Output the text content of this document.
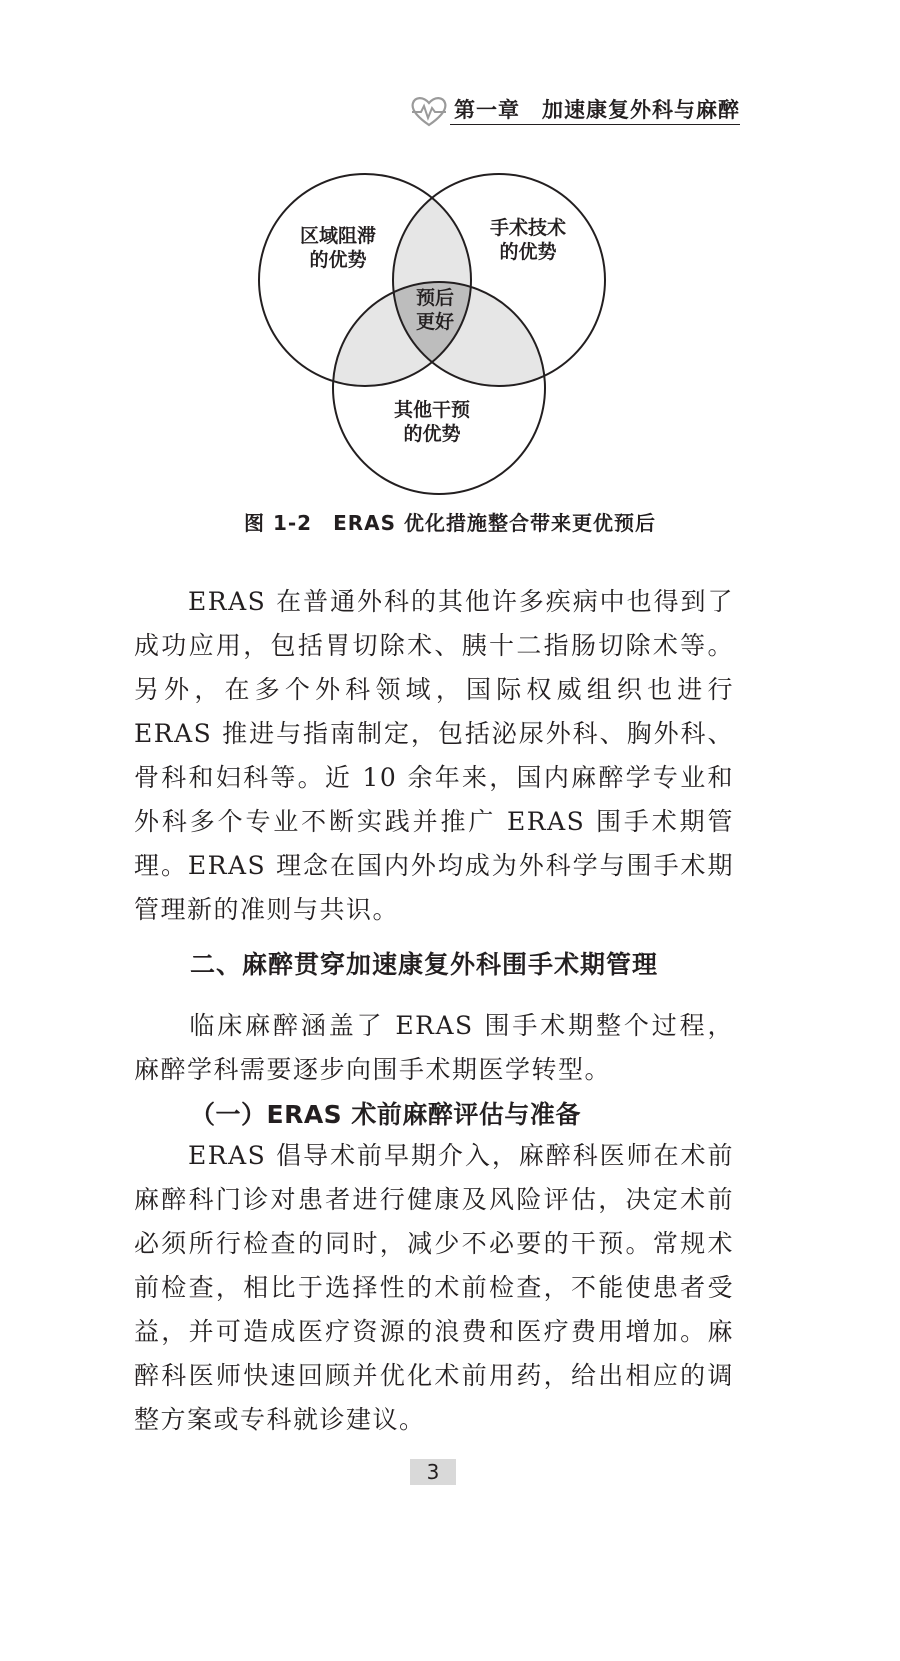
第一章　加速康复外科与麻醉
区域阻滞
的优势
手术技术
的优势
预后
更好
其他干预
的优势
图 1-2　ERAS 优化措施整合带来更优预后

ERAS 在普通外科的其他许多疾病中也得到了成功应用，包括胃切除术、胰十二指肠切除术等。另外，在多个外科领域，国际权威组织也进行 ERAS 推进与指南制定，包括泌尿外科、胸外科、骨科和妇科等。近 10 余年来，国内麻醉学专业和外科多个专业不断实践并推广 ERAS 围手术期管理。ERAS 理念在国内外均成为外科学与围手术期管理新的准则与共识。

二、麻醉贯穿加速康复外科围手术期管理

临床麻醉涵盖了 ERAS 围手术期整个过程，麻醉学科需要逐步向围手术期医学转型。

（一）ERAS 术前麻醉评估与准备

ERAS 倡导术前早期介入，麻醉科医师在术前麻醉科门诊对患者进行健康及风险评估，决定术前必须所行检查的同时，减少不必要的干预。常规术前检查，相比于选择性的术前检查，不能使患者受益，并可造成医疗资源的浪费和医疗费用增加。麻醉科医师快速回顾并优化术前用药，给出相应的调整方案或专科就诊建议。

3
